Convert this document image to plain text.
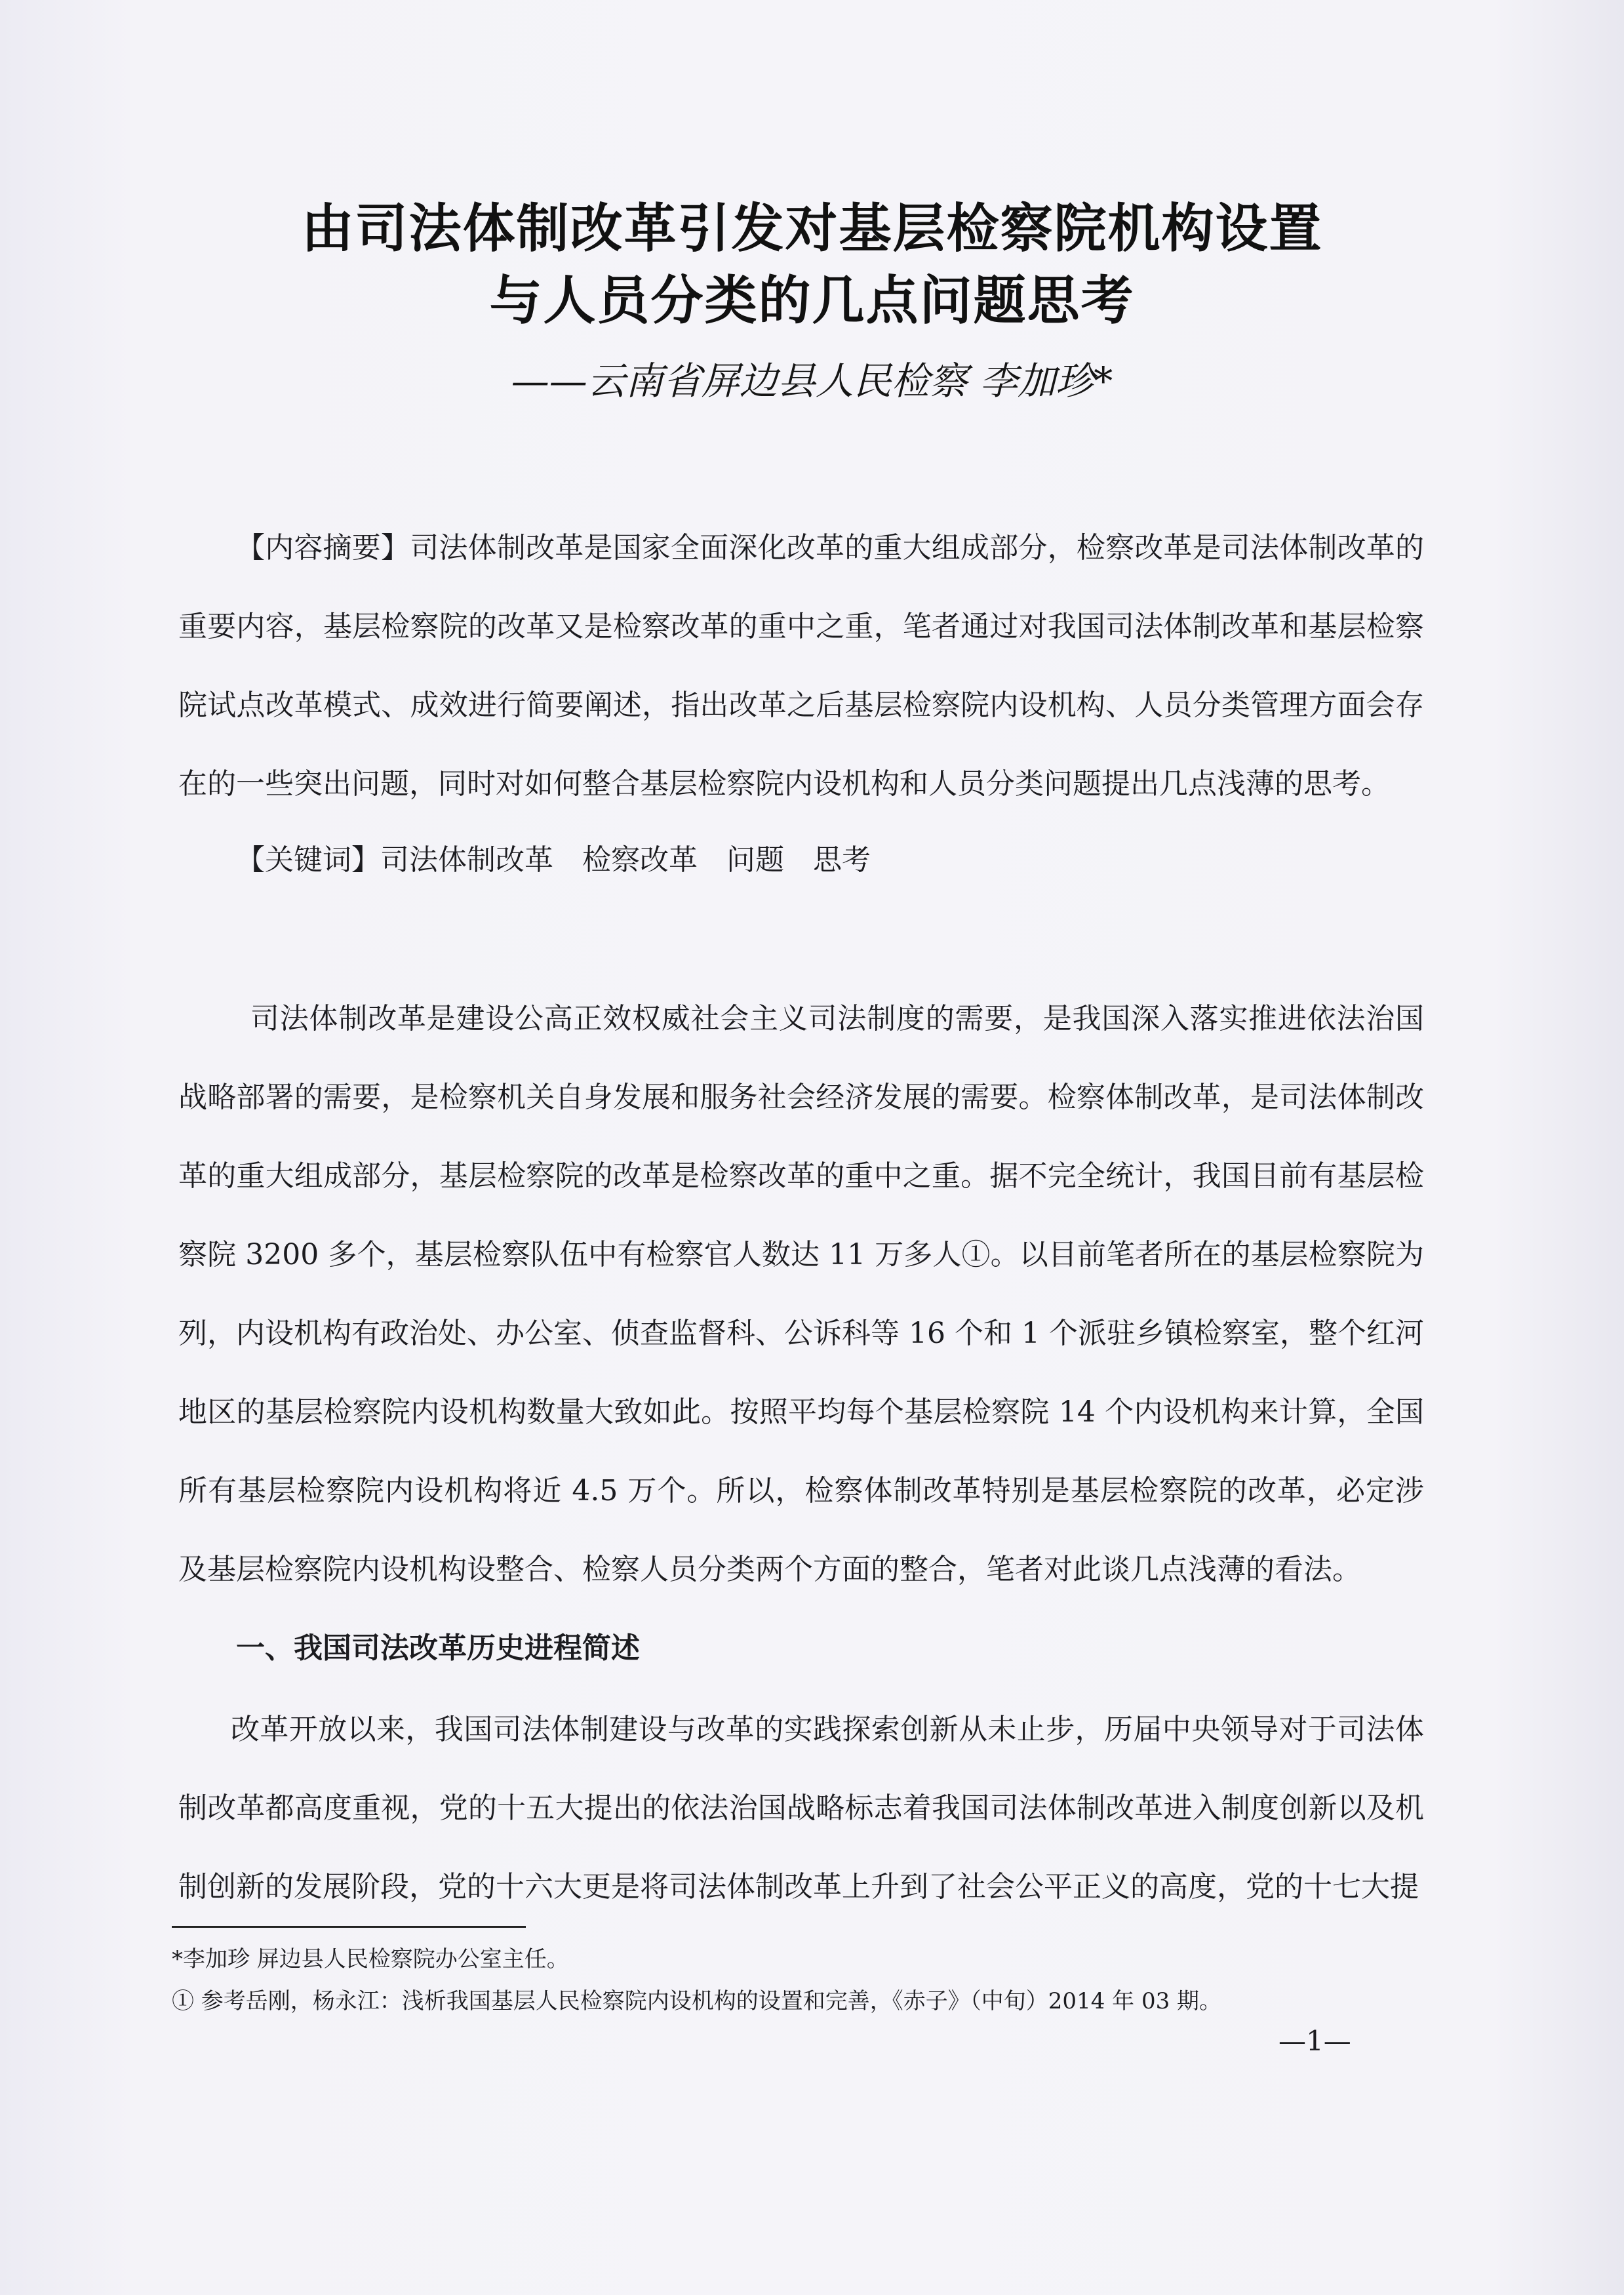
由司法体制改革引发对基层检察院机构设置
与人员分类的几点问题思考
——云南省屏边县人民检察 李加珍*

【内容摘要】司法体制改革是国家全面深化改革的重大组成部分，检察改革是司法体制改革的重要内容，基层检察院的改革又是检察改革的重中之重，笔者通过对我国司法体制改革和基层检察院试点改革模式、成效进行简要阐述，指出改革之后基层检察院内设机构、人员分类管理方面会存在的一些突出问题，同时对如何整合基层检察院内设机构和人员分类问题提出几点浅薄的思考。

【关键词】司法体制改革 检察改革 问题 思考

司法体制改革是建设公高正效权威社会主义司法制度的需要，是我国深入落实推进依法治国战略部署的需要，是检察机关自身发展和服务社会经济发展的需要。检察体制改革，是司法体制改革的重大组成部分，基层检察院的改革是检察改革的重中之重。据不完全统计，我国目前有基层检察院 3200 多个，基层检察队伍中有检察官人数达 11 万多人①。以目前笔者所在的基层检察院为列，内设机构有政治处、办公室、侦查监督科、公诉科等 16 个和 1 个派驻乡镇检察室，整个红河地区的基层检察院内设机构数量大致如此。按照平均每个基层检察院 14 个内设机构来计算，全国所有基层检察院内设机构将近 4.5 万个。所以，检察体制改革特别是基层检察院的改革，必定涉及基层检察院内设机构设整合、检察人员分类两个方面的整合，笔者对此谈几点浅薄的看法。

一、我国司法改革历史进程简述

改革开放以来，我国司法体制建设与改革的实践探索创新从未止步，历届中央领导对于司法体制改革都高度重视，党的十五大提出的依法治国战略标志着我国司法体制改革进入制度创新以及机制创新的发展阶段，党的十六大更是将司法体制改革上升到了社会公平正义的高度，党的十七大提

*李加珍 屏边县人民检察院办公室主任。

① 参考岳刚，杨永江：浅析我国基层人民检察院内设机构的设置和完善，《赤子》（中旬）2014 年 03 期。

—1—
